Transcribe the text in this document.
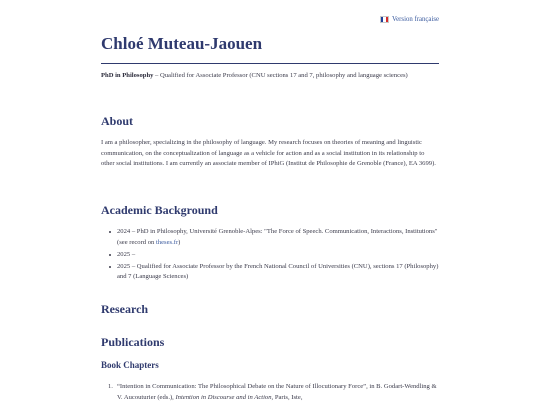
Version française
Chloé Muteau-Jaouen

PhD in Philosophy – Qualified for Associate Professor (CNU sections 17 and 7, philosophy and language sciences)

About

I am a philosopher, specializing in the philosophy of language. My research focuses on theories of meaning and linguistic communication, on the conceptualization of language as a vehicle for action and as a social institution in its relationship to other social institutions. I am currently an associate member of IPhiG (Institut de Philosophie de Grenoble (France), EA 3699).

Academic Background
2024 – PhD in Philosophy, Université Grenoble-Alpes: "The Force of Speech. Communication, Interactions, Institutions" (see record on theses.fr)
2025 –
2025 – Qualified for Associate Professor by the French National Council of Universities (CNU), sections 17 (Philosophy) and 7 (Language Sciences)
Research
Publications
Book Chapters
1. “Intention in Communication: The Philosophical Debate on the Nature of Illocutionary Force”, in B. Godart-Wendling & V. Aucouturier (eds.), Intention in Discourse and in Action, Paris, Iste,
